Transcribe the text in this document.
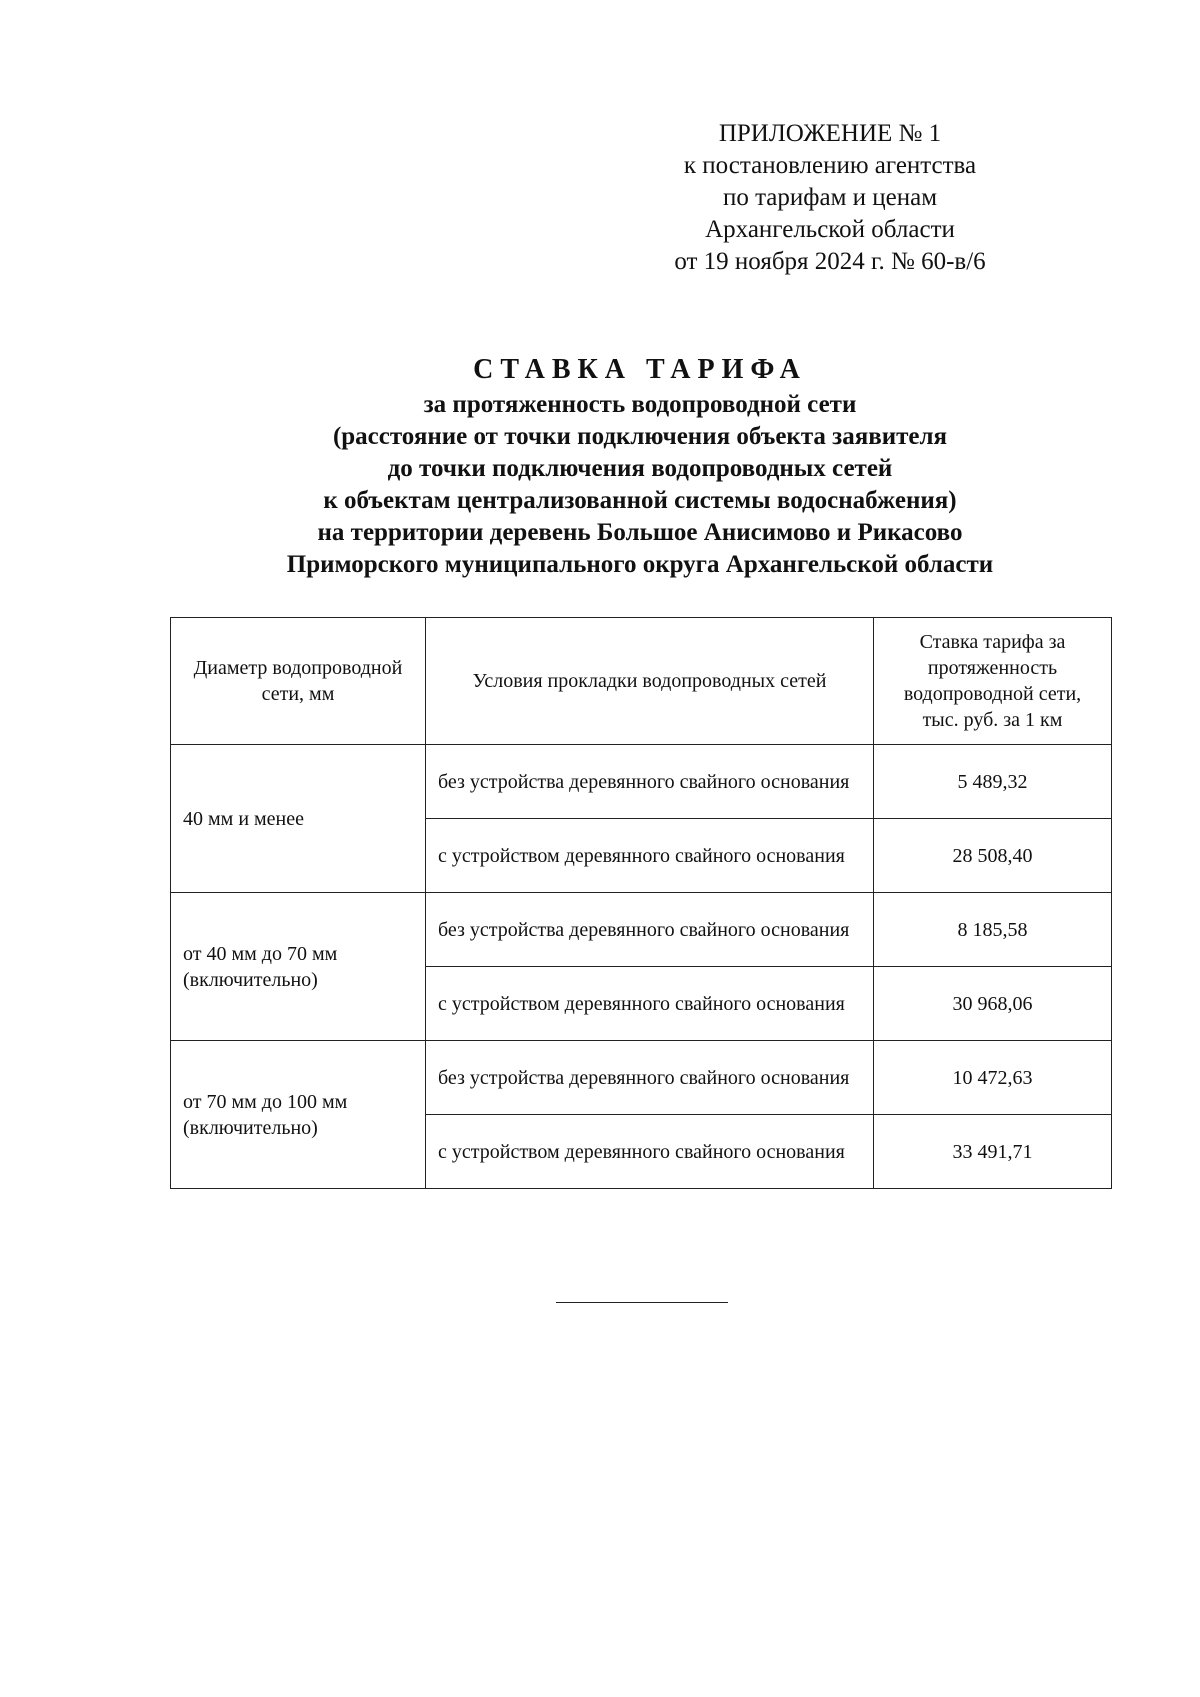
ПРИЛОЖЕНИЕ № 1
к постановлению агентства
по тарифам и ценам
Архангельской области
от 19 ноября 2024 г. № 60-в/6
СТАВКА ТАРИФА
за протяженность водопроводной сети
(расстояние от точки подключения объекта заявителя
до точки подключения водопроводных сетей
к объектам централизованной системы водоснабжения)
на территории деревень Большое Анисимово и Рикасово
Приморского муниципального округа Архангельской области
Диаметр водопроводной сети, мм	Условия прокладки водопроводных сетей	Ставка тарифа за протяженность водопроводной сети, тыс. руб. за 1 км
40 мм и менее	без устройства деревянного свайного основания	5 489,32
	с устройством деревянного свайного основания	28 508,40
от 40 мм до 70 мм (включительно)	без устройства деревянного свайного основания	8 185,58
	с устройством деревянного свайного основания	30 968,06
от 70 мм до 100 мм (включительно)	без устройства деревянного свайного основания	10 472,63
	с устройством деревянного свайного основания	33 491,71
